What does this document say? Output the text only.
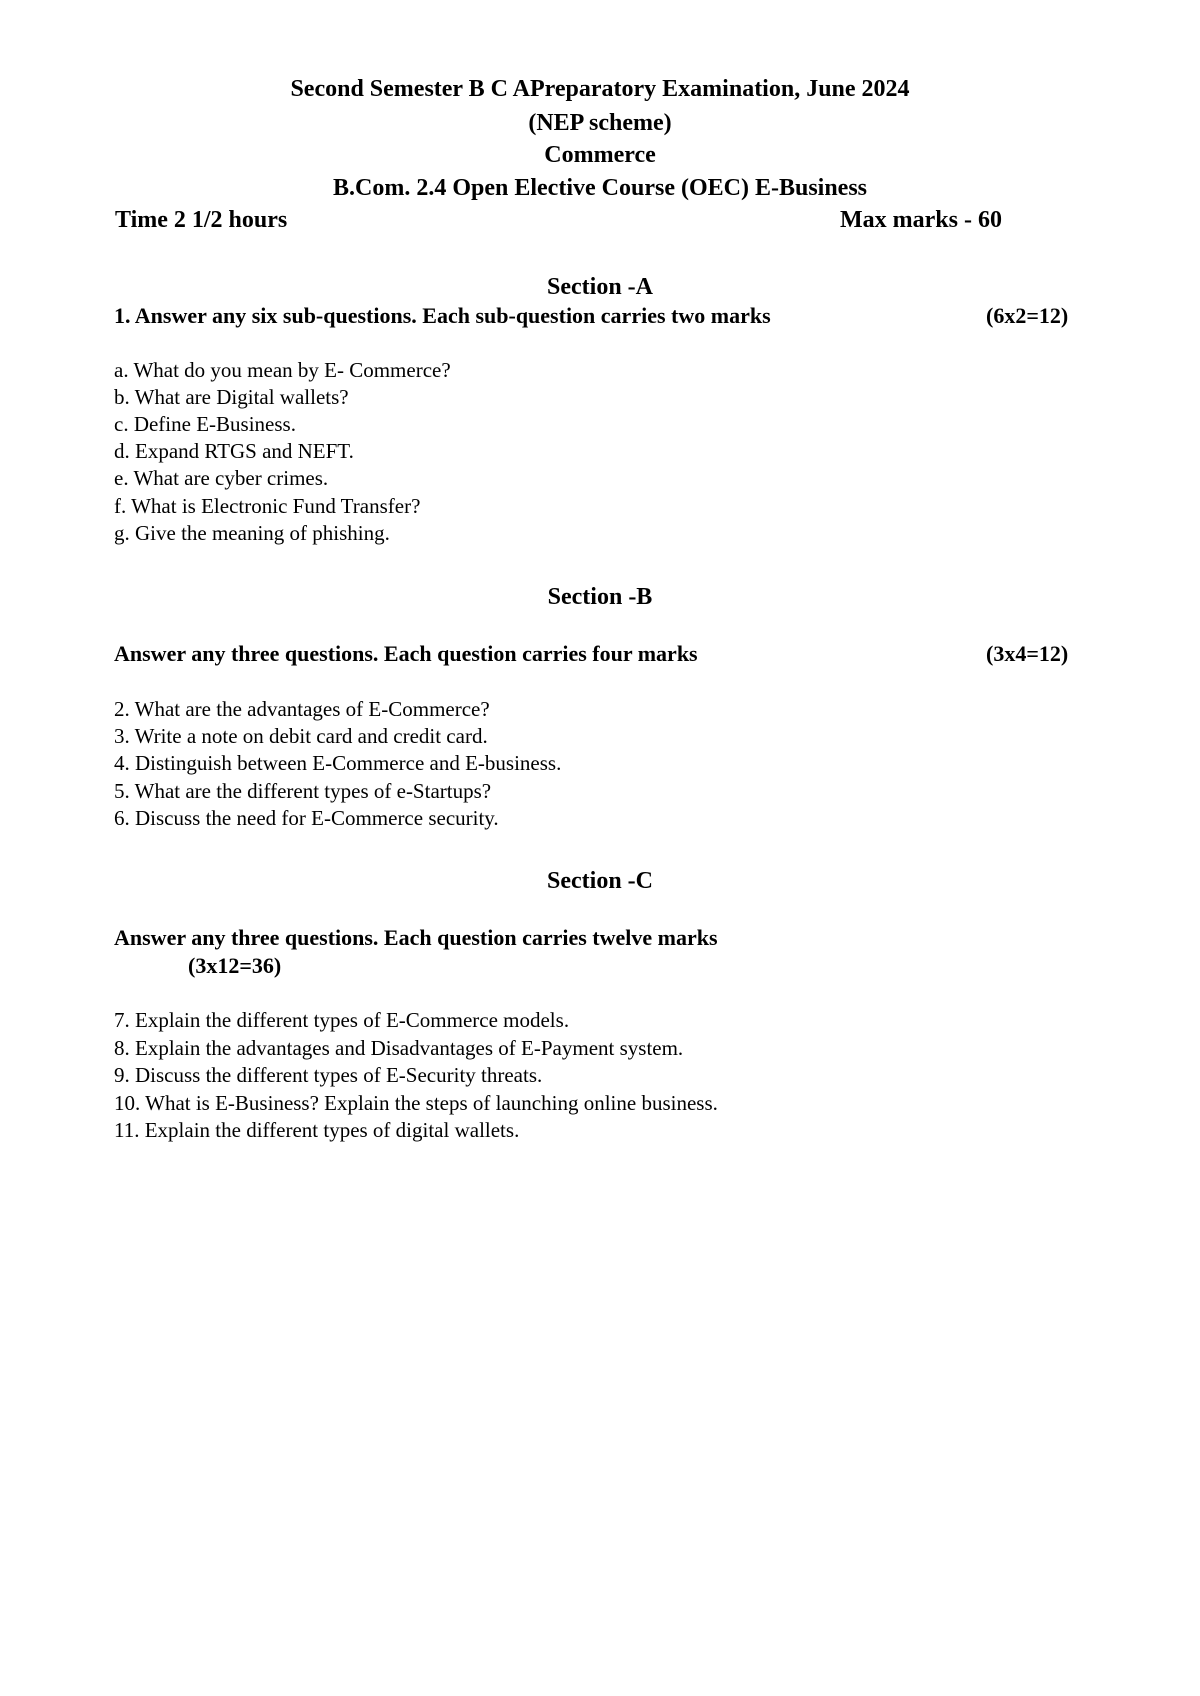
Second Semester B C APreparatory Examination, June 2024
(NEP scheme)
Commerce
B.Com. 2.4 Open Elective Course (OEC) E-Business
Time 2 1/2 hours	Max marks - 60
Section -A
1. Answer any six sub-questions. Each sub-question carries two marks	(6x2=12)
a. What do you mean by E- Commerce?
b. What are Digital wallets?
c. Define E-Business.
d. Expand RTGS and NEFT.
e. What are cyber crimes.
f. What is Electronic Fund Transfer?
g. Give the meaning of phishing.
Section -B
Answer any three questions. Each question carries four marks	(3x4=12)
2. What are the advantages of E-Commerce?
3. Write a note on debit card and credit card.
4. Distinguish between E-Commerce and E-business.
5. What are the different types of e-Startups?
6. Discuss the need for E-Commerce security.
Section -C
Answer any three questions. Each question carries twelve marks
(3x12=36)
7. Explain the different types of E-Commerce models.
8. Explain the advantages and Disadvantages of E-Payment system.
9. Discuss the different types of E-Security threats.
10. What is E-Business? Explain the steps of launching online business.
11. Explain the different types of digital wallets.
